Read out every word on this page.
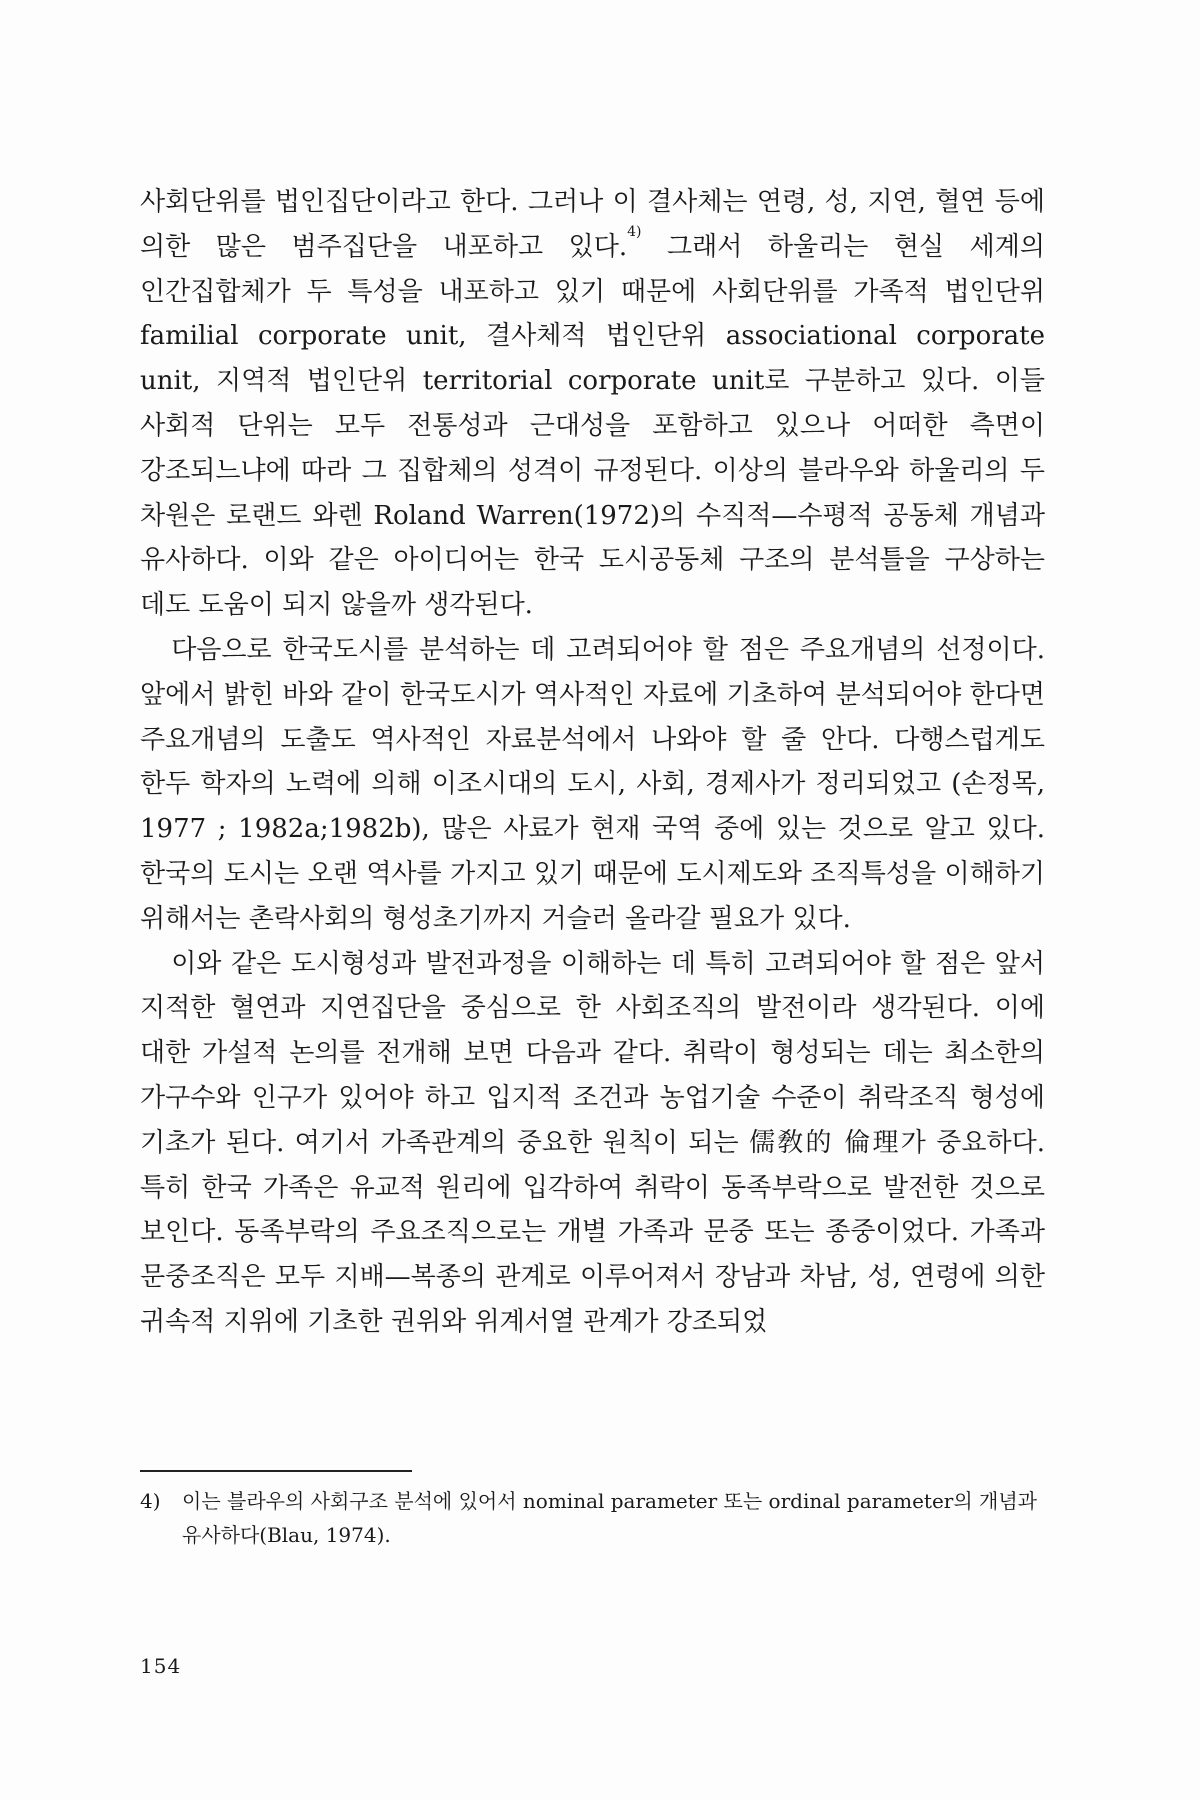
사회단위를 법인집단이라고 한다. 그러나 이 결사체는 연령, 성, 지연, 혈연 등에 의한 많은 범주집단을 내포하고 있다.$^{4)}$ 그래서 하울리는 현실 세계의 인간집합체가 두 특성을 내포하고 있기 때문에 사회단위를 가족적 법인단위 familial corporate unit, 결사체적 법인단위 associational corporate unit, 지역적 법인단위 territorial corporate unit로 구분하고 있다. 이들 사회적 단위는 모두 전통성과 근대성을 포함하고 있으나 어떠한 측면이 강조되느냐에 따라 그 집합체의 성격이 규정된다. 이상의 블라우와 하울리의 두 차원은 로랜드 와렌 Roland Warren(1972)의 수직적—수평적 공동체 개념과 유사하다. 이와 같은 아이디어는 한국 도시공동체 구조의 분석틀을 구상하는 데도 도움이 되지 않을까 생각된다.

다음으로 한국도시를 분석하는 데 고려되어야 할 점은 주요개념의 선정이다. 앞에서 밝힌 바와 같이 한국도시가 역사적인 자료에 기초하여 분석되어야 한다면 주요개념의 도출도 역사적인 자료분석에서 나와야 할 줄 안다. 다행스럽게도 한두 학자의 노력에 의해 이조시대의 도시, 사회, 경제사가 정리되었고 (손정목, 1977 ; 1982a;1982b), 많은 사료가 현재 국역 중에 있는 것으로 알고 있다. 한국의 도시는 오랜 역사를 가지고 있기 때문에 도시제도와 조직특성을 이해하기 위해서는 촌락사회의 형성초기까지 거슬러 올라갈 필요가 있다.

이와 같은 도시형성과 발전과정을 이해하는 데 특히 고려되어야 할 점은 앞서 지적한 혈연과 지연집단을 중심으로 한 사회조직의 발전이라 생각된다. 이에 대한 가설적 논의를 전개해 보면 다음과 같다. 취락이 형성되는 데는 최소한의 가구수와 인구가 있어야 하고 입지적 조건과 농업기술 수준이 취락조직 형성에 기초가 된다. 여기서 가족관계의 중요한 원칙이 되는 儒敎的 倫理가 중요하다. 특히 한국 가족은 유교적 원리에 입각하여 취락이 동족부락으로 발전한 것으로 보인다. 동족부락의 주요조직으로는 개별 가족과 문중 또는 종중이었다. 가족과 문중조직은 모두 지배—복종의 관계로 이루어져서 장남과 차남, 성, 연령에 의한 귀속적 지위에 기초한 권위와 위계서열 관계가 강조되었

4)	이는 블라우의 사회구조 분석에 있어서 nominal parameter 또는 ordinal parameter의 개념과 유사하다(Blau, 1974).
154
